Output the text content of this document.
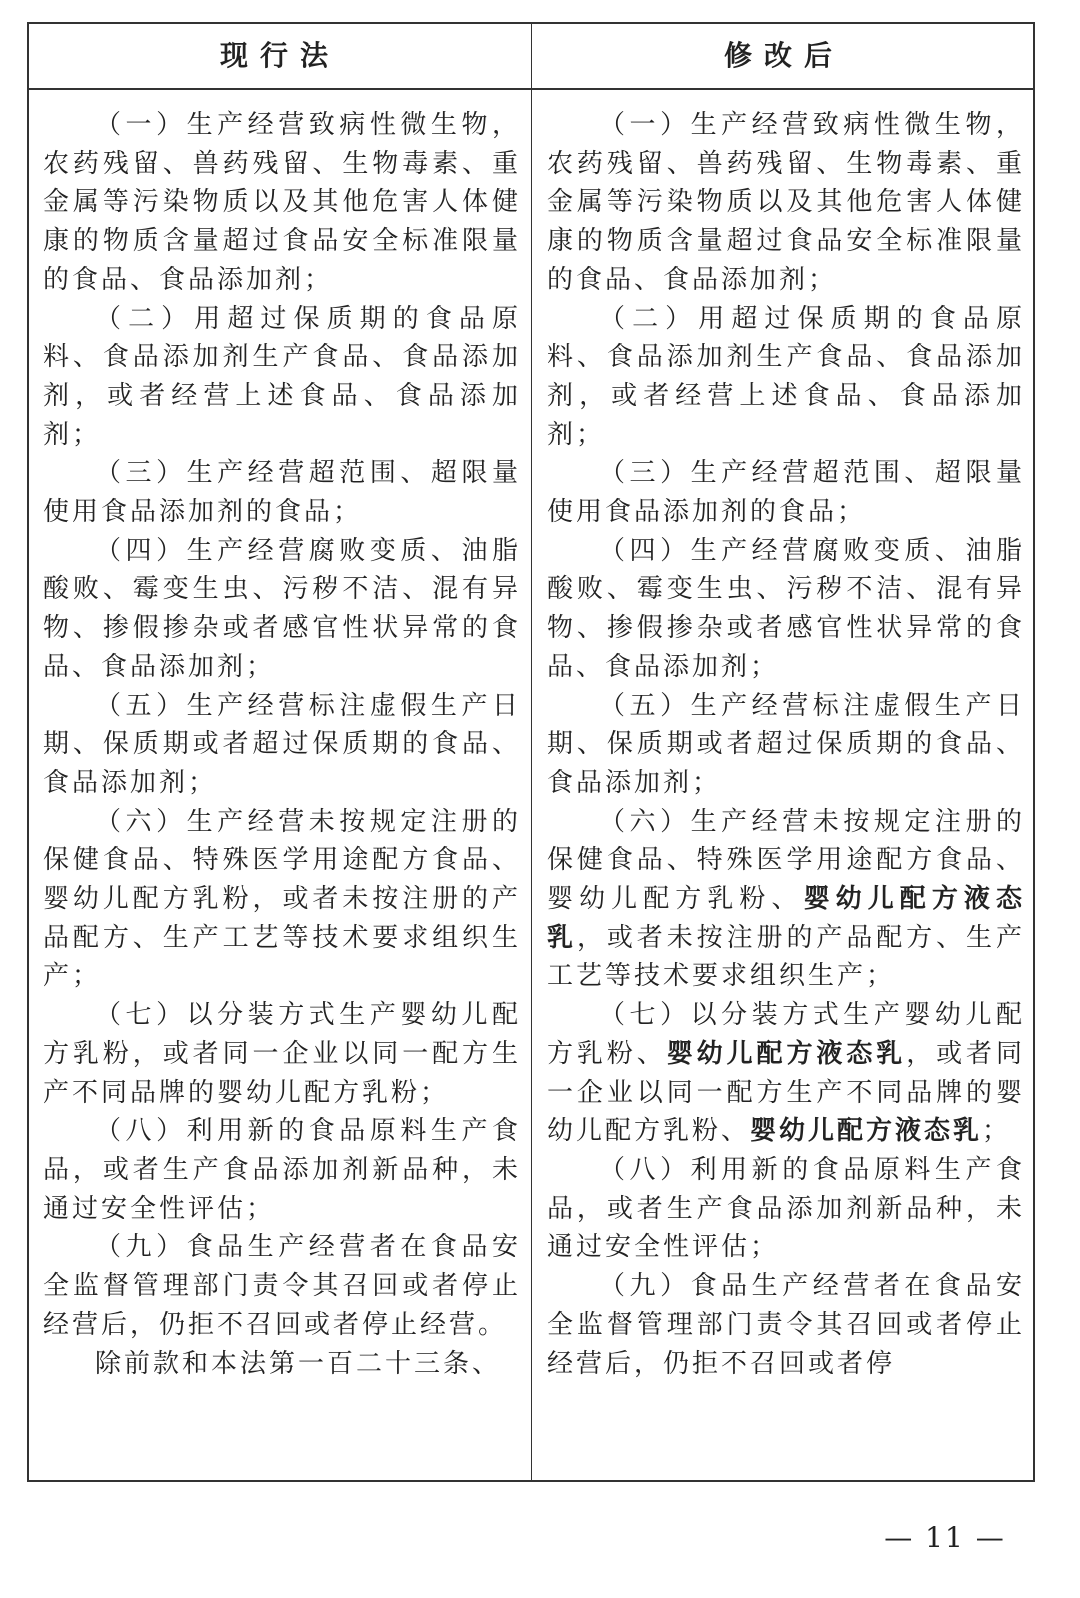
现行法	修改后

（一）生产经营致病性微生物，农药残留、兽药残留、生物毒素、重金属等污染物质以及其他危害人体健康的物质含量超过食品安全标准限量的食品、食品添加剂；

（二）用超过保质期的食品原料、食品添加剂生产食品、食品添加剂，或者经营上述食品、食品添加剂；

（三）生产经营超范围、超限量使用食品添加剂的食品；

（四）生产经营腐败变质、油脂酸败、霉变生虫、污秽不洁、混有异物、掺假掺杂或者感官性状异常的食品、食品添加剂；

（五）生产经营标注虚假生产日期、保质期或者超过保质期的食品、食品添加剂；

（六）生产经营未按规定注册的保健食品、特殊医学用途配方食品、婴幼儿配方乳粉，或者未按注册的产品配方、生产工艺等技术要求组织生产；

（七）以分装方式生产婴幼儿配方乳粉，或者同一企业以同一配方生产不同品牌的婴幼儿配方乳粉；

（八）利用新的食品原料生产食品，或者生产食品添加剂新品种，未通过安全性评估；

（九）食品生产经营者在食品安全监督管理部门责令其召回或者停止经营后，仍拒不召回或者停止经营。

除前款和本法第一百二十三条、

（一）生产经营致病性微生物，农药残留、兽药残留、生物毒素、重金属等污染物质以及其他危害人体健康的物质含量超过食品安全标准限量的食品、食品添加剂；

（二）用超过保质期的食品原料、食品添加剂生产食品、食品添加剂，或者经营上述食品、食品添加剂；

（三）生产经营超范围、超限量使用食品添加剂的食品；

（四）生产经营腐败变质、油脂酸败、霉变生虫、污秽不洁、混有异物、掺假掺杂或者感官性状异常的食品、食品添加剂；

（五）生产经营标注虚假生产日期、保质期或者超过保质期的食品、食品添加剂；

（六）生产经营未按规定注册的保健食品、特殊医学用途配方食品、婴幼儿配方乳粉、婴幼儿配方液态乳，或者未按注册的产品配方、生产工艺等技术要求组织生产；

（七）以分装方式生产婴幼儿配方乳粉、婴幼儿配方液态乳，或者同一企业以同一配方生产不同品牌的婴幼儿配方乳粉、婴幼儿配方液态乳；

（八）利用新的食品原料生产食品，或者生产食品添加剂新品种，未通过安全性评估；

（九）食品生产经营者在食品安全监督管理部门责令其召回或者停止经营后，仍拒不召回或者停

— 11 —
